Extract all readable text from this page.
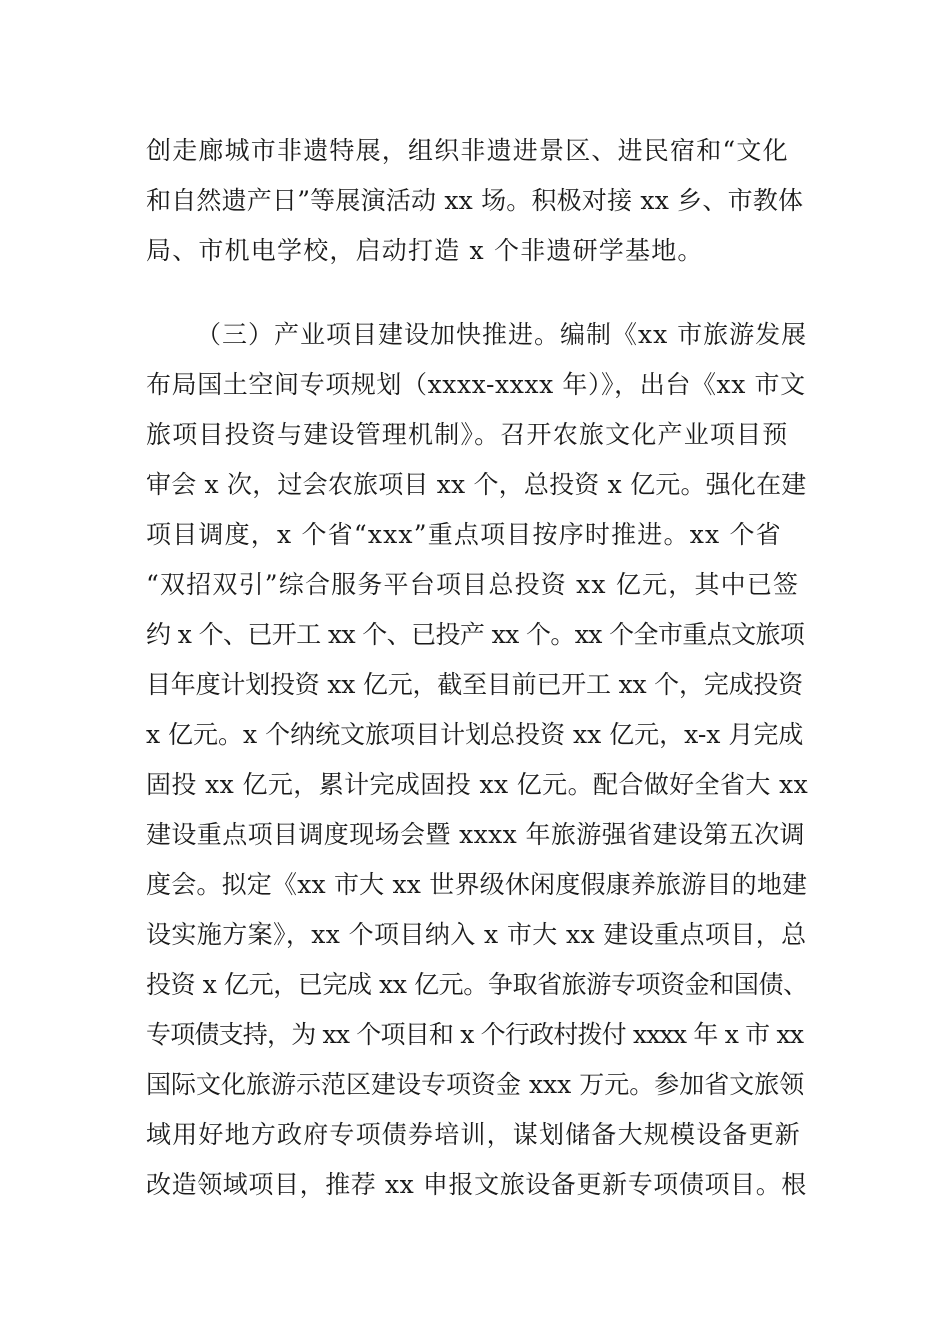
创走廊城市非遗特展，组织非遗进景区、进民宿和“文化
和自然遗产日”等展演活动 xx 场。积极对接 xx 乡、市教体
局、市机电学校，启动打造 x 个非遗研学基地。
（三）产业项目建设加快推进。编制《xx 市旅游发展
布局国土空间专项规划（xxxx-xxxx 年）》，出台《xx 市文
旅项目投资与建设管理机制》。召开农旅文化产业项目预
审会 x 次，过会农旅项目 xx 个，总投资 x 亿元。强化在建
项目调度，x 个省“xxx”重点项目按序时推进。xx 个省
“双招双引”综合服务平台项目总投资 xx 亿元，其中已签
约 x 个、已开工 xx 个、已投产 xx 个。xx 个全市重点文旅项
目年度计划投资 xx 亿元，截至目前已开工 xx 个，完成投资
x 亿元。x 个纳统文旅项目计划总投资 xx 亿元，x-x 月完成
固投 xx 亿元，累计完成固投 xx 亿元。配合做好全省大 xx
建设重点项目调度现场会暨 xxxx 年旅游强省建设第五次调
度会。拟定《xx 市大 xx 世界级休闲度假康养旅游目的地建
设实施方案》，xx 个项目纳入 x 市大 xx 建设重点项目，总
投资 x 亿元，已完成 xx 亿元。争取省旅游专项资金和国债、
专项债支持，为 xx 个项目和 x 个行政村拨付 xxxx 年 x 市 xx
国际文化旅游示范区建设专项资金 xxx 万元。参加省文旅领
域用好地方政府专项债券培训，谋划储备大规模设备更新
改造领域项目，推荐 xx 申报文旅设备更新专项债项目。根
